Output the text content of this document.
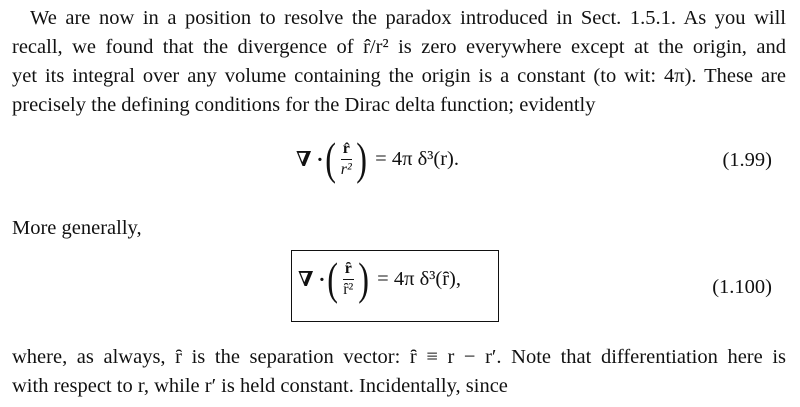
We are now in a position to resolve the paradox introduced in Sect. 1.5.1. As you will
recall, we found that the divergence of r̂/r² is zero everywhere except at the origin, and
yet its integral over any volume containing the origin is a constant (to wit: 4π). These are
precisely the defining conditions for the Dirac delta function; evidently
∇ · ( $\frac{r̂}{\text{r²}}$ ) = 4π δ³(r).	(1.99)
More generally,
∇ · ( $\frac{ȓ}{\text{ȓ²}}$ ) = 4π δ³(ȓ),	(1.100)
where, as always, ȓ is the separation vector: ȓ ≡ r − r′. Note that differentiation here is
with respect to r, while r′ is held constant. Incidentally, since
